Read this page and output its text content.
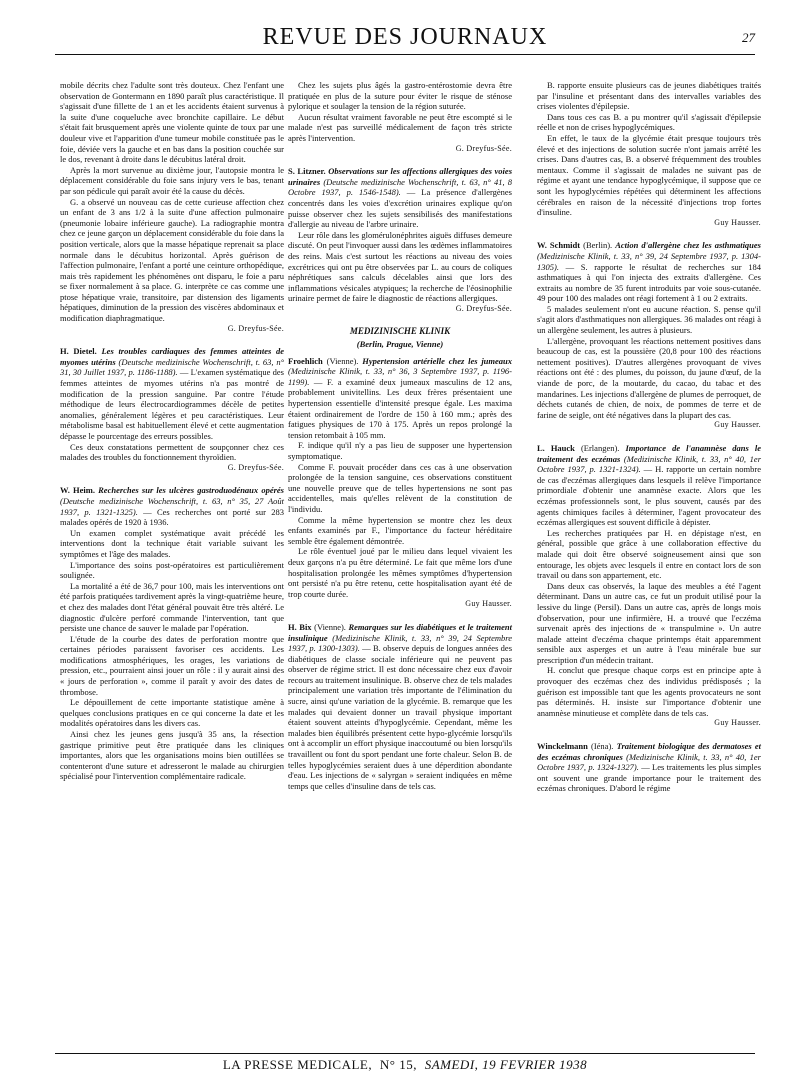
REVUE DES JOURNAUX	27

mobile décrits chez l'adulte sont très douteux. Chez l'enfant une observation de Gontermann en 1890 paraît plus caractéristique. Il s'agissait d'une fillette de 1 an et les accidents étaient survenus à la suite d'une coqueluche avec bronchite capillaire. Le début s'était fait brusquement après une violente quinte de toux par une douleur vive et l'apparition d'une tumeur mobile constituée pas le foie, déviée vers la gauche et en bas dans la position couchée sur le dos, revenant à droite dans le décubitus latéral droit.

Après la mort survenue au dixième jour, l'autopsie montra le déplacement considérable du foie sans injury vers le bas, tenant par son pédicule qui paraît avoir été la cause du décès.

G. a observé un nouveau cas de cette curieuse affection chez un enfant de 3 ans 1/2 à la suite d'une affection pulmonaire (pneumonie lobaire inférieure gauche). La radiographie montra chez ce jeune garçon un déplacement considérable du foie dans la position verticale, alors que la masse hépatique reprenait sa place normale dans le décubitus horizontal. Après guérison de l'affection pulmonaire, l'enfant a porté une ceinture orthopédique, mais très rapidement les phénomènes ont disparu, le foie a paru se fixer normalement à sa place. G. interprète ce cas comme une ptose hépatique vraie, transitoire, par distension des ligaments hépatiques, diminution de la pression des viscères abdominaux et modification diaphragmatique.

G. Dreyfus-Sée.

H. Dietel. Les troubles cardiaques des femmes atteintes de myomes utérins (Deutsche medizinische Wochenschrift, t. 63, n° 31, 30 Juillet 1937, p. 1186-1188). — L'examen systématique des femmes atteintes de myomes utérins n'a pas montré de modification de la pression sanguine. Par contre l'étude méthodique de leurs électrocardiogrammes décèle de petites anomalies, généralement légères et peu caractéristiques. Leur métabolisme basal est habituellement élevé et cette augmentation dépasse le pourcentage des erreurs possibles.

Ces deux constatations permettent de soupçonner chez ces malades des troubles du fonctionnement thyroïdien.

G. Dreyfus-Sée.

W. Heim. Recherches sur les ulcères gastroduodénaux opérés (Deutsche medizinische Wochenschrift, t. 63, n° 35, 27 Août 1937, p. 1321-1325). — Ces recherches ont porté sur 283 malades opérés de 1920 à 1936.

Un examen complet systématique avait précédé les interventions dont la technique était variable suivant les symptômes et l'âge des malades.

L'importance des soins post-opératoires est particulièrement soulignée.

La mortalité a été de 36,7 pour 100, mais les interventions ont été parfois pratiquées tardivement après la vingt-quatrième heure, et chez des malades dont l'état général pouvait être très altéré. Le diagnostic d'ulcère perforé commande l'intervention, tant que persiste une chance de sauver le malade par l'opération.

L'étude de la courbe des dates de perforation montre que certaines périodes paraissent favoriser ces accidents. Les modifications atmosphériques, les orages, les variations de pression, etc., pourraient ainsi jouer un rôle : il y aurait ainsi des « jours de perforation », comme il paraît y avoir des dates de thrombose.

Le dépouillement de cette importante statistique amène à quelques conclusions pratiques en ce qui concerne la date et les modalités opératoires dans les divers cas.

Ainsi chez les jeunes gens jusqu'à 35 ans, la résection gastrique primitive peut être pratiquée dans les cliniques importantes, alors que les organisations moins bien outillées se contenteront d'une suture et adresseront le malade au chirurgien spécialisé pour l'intervention complémentaire radicale.

Chez les sujets plus âgés la gastro-entérostomie devra être pratiquée en plus de la suture pour éviter le risque de sténose pylorique et soulager la tension de la région suturée.

Aucun résultat vraiment favorable ne peut être escompté si le malade n'est pas surveillé médicalement de façon très stricte après l'intervention.

G. Dreyfus-Sée.

S. Litzner. Observations sur les affections allergiques des voies urinaires (Deutsche medizinische Wochenschrift, t. 63, n° 41, 8 Octobre 1937, p. 1546-1548). — La présence d'allergènes concentrés dans les voies d'excrétion urinaires explique qu'on puisse observer chez les sujets sensibilisés des manifestations d'allergie au niveau de l'arbre urinaire.

Leur rôle dans les glomérulonéphrites aiguës diffuses demeure discuté. On peut l'invoquer aussi dans les œdèmes inflammatoires des reins. Mais c'est surtout les réactions au niveau des voies excrétrices qui ont pu être observées par L. au cours de coliques néphrétiques sans calculs décelables ainsi que lors des inflammations vésicales atypiques; la recherche de l'éosinophilie urinaire permet de faire le diagnostic de réactions allergiques.

G. Dreyfus-Sée.
MEDIZINISCHE KLINIK
(Berlin, Prague, Vienne)

Froehlich (Vienne). Hypertension artérielle chez les jumeaux (Medizinische Klinik, t. 33, n° 36, 3 Septembre 1937, p. 1196-1199). — F. a examiné deux jumeaux masculins de 12 ans, probablement univitellins. Les deux frères présentaient une hypertension essentielle d'intensité presque égale. Les maxima étaient ordinairement de l'ordre de 150 à 160 mm.; après des fatigues physiques de 170 à 175. Après un repos prolongé la tension retombait à 105 mm.

F. indique qu'il n'y a pas lieu de supposer une hypertension symptomatique.

Comme F. pouvait procéder dans ces cas à une observation prolongée de la tension sanguine, ces observations constituent une nouvelle preuve que de telles hypertensions ne sont pas accidentelles, mais qu'elles relèvent de la constitution de l'individu.

Comme la même hypertension se montre chez les deux enfants examinés par F., l'importance du facteur héréditaire semble être également démontrée.

Le rôle éventuel joué par le milieu dans lequel vivaient les deux garçons n'a pu être déterminé. Le fait que même lors d'une hospitalisation prolongée les mêmes symptômes d'hypertension ont persisté n'a pu être retenu, cette hospitalisation ayant été de trop courte durée.

Guy Hausser.

H. Bix (Vienne). Remarques sur les diabétiques et le traitement insulinique (Medizinische Klinik, t. 33, n° 39, 24 Septembre 1937, p. 1300-1303). — B. observe depuis de longues années des diabétiques de classe sociale inférieure qui ne peuvent pas observer de régime strict. Il est donc nécessaire chez eux d'avoir recours au traitement insulinique. B. observe chez de tels malades principalement une variation très importante de l'élimination du sucre, ainsi qu'une variation de la glycémie. B. remarque que les malades qui devaient donner un travail physique important étaient souvent atteints d'hypoglycémie. Cependant, même les malades bien équilibrés présentent cette hypo-glycémie lorsqu'ils ont à accomplir un effort physique inaccoutumé ou bien lorsqu'ils travaillent ou font du sport pendant une forte chaleur. Selon B. de telles hypoglycémies seraient dues à une déperdition abondante d'eau. Les injections de « salyrgan » seraient indiquées en même temps que celles d'insuline dans de tels cas.

B. rapporte ensuite plusieurs cas de jeunes diabétiques traités par l'insuline et présentant dans des intervalles variables des crises violentes d'épilepsie.

Dans tous ces cas B. a pu montrer qu'il s'agissait d'épilepsie réelle et non de crises hypoglycémiques.

En effet, le taux de la glycémie était presque toujours très élevé et des injections de solution sucrée n'ont jamais arrêté les crises. Dans d'autres cas, B. a observé fréquemment des troubles mentaux. Comme il s'agissait de malades ne suivant pas de régime et ayant une tendance hypoglycémique, il suppose que ce sont les hypoglycémies répétées qui déterminent les affections cérébrales en raison de la nécessité d'injections trop fortes d'insuline.

Guy Hausser.

W. Schmidt (Berlin). Action d'allergène chez les asthmatiques (Medizinische Klinik, t. 33, n° 39, 24 Septembre 1937, p. 1304-1305). — S. rapporte le résultat de recherches sur 184 asthmatiques à qui l'on injecta des extraits d'allergène. Ces extraits au nombre de 35 furent introduits par voie sous-cutanée. 49 pour 100 des malades ont réagi fortement à 1 ou 2 extraits.

5 malades seulement n'ont eu aucune réaction. S. pense qu'il s'agit alors d'asthmatiques non allergiques. 36 malades ont réagi à un allergène seulement, les autres à plusieurs.

L'allergène, provoquant les réactions nettement positives dans beaucoup de cas, est la poussière (20,8 pour 100 des réactions nettement positives). D'autres allergènes provoquant de vives réactions ont été : des plumes, du poisson, du jaune d'œuf, de la viande de porc, de la moutarde, du cacao, du tabac et des mandarines. Les injections d'allergène de plumes de perroquet, de déchets cutanés de chien, de noix, de pommes de terre et de farine de seigle, ont été négatives dans la plupart des cas.

Guy Hausser.

L. Hauck (Erlangen). Importance de l'anamnèse dans le traitement des eczémas (Medizinische Klinik, t. 33, n° 40, 1er Octobre 1937, p. 1321-1324). — H. rapporte un certain nombre de cas d'eczémas allergiques dans lesquels il relève l'importance primordiale d'obtenir une anamnèse exacte. Alors que les eczémas professionnels sont, le plus souvent, causés par des agents chimiques faciles à déterminer, l'agent provocateur des eczémas allergiques est souvent difficile à dépister.

Les recherches pratiquées par H. en dépistage n'est, en général, possible que grâce à une collaboration effective du malade qui doit être observé soigneusement ainsi que son entourage, les objets avec lesquels il entre en contact lors de son travail ou dans son appartement, etc.

Dans deux cas observés, la laque des meubles a été l'agent déterminant. Dans un autre cas, ce fut un produit utilisé pour la lessive du linge (Persil). Dans un autre cas, après de longs mois d'observation, pour une infirmière, H. a trouvé que l'eczéma survenait après des injections de « transpulmine ». Un autre malade atteint d'eczéma chaque printemps était apparemment sensible aux asperges et un autre à l'eau minérale bue sur prescription d'un médecin traitant.

H. conclut que presque chaque corps est en principe apte à provoquer des eczémas chez des individus prédisposés ; la guérison est impossible tant que les agents provocateurs ne sont pas déterminés. H. insiste sur l'importance d'obtenir une anamnèse minutieuse et complète dans de tels cas.

Guy Hausser.

Winckelmann (Iéna). Traitement biologique des dermatoses et des eczémas chroniques (Medizinische Klinik, t. 33, n° 40, 1er Octobre 1937, p. 1324-1327). — Les traitements les plus simples ont souvent une grande importance pour le traitement des eczémas chroniques. D'abord le régime

LA PRESSE MEDICALE, N° 15, SAMEDI, 19 FEVRIER 1938
